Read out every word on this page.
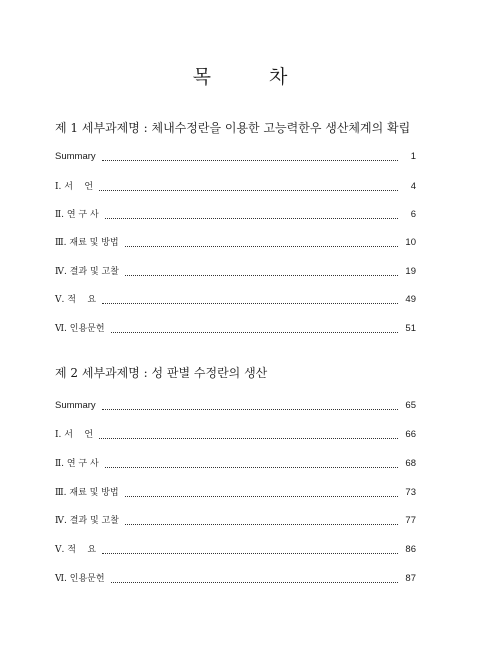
목	차
제 1 세부과제명 : 체내수정란을 이용한 고능력한우 생산체계의 확립
Summary	1
Ⅰ. 서    언	4
Ⅱ. 연 구 사	6
Ⅲ. 재료 및 방법	10
Ⅳ. 결과 및 고찰	19
Ⅴ. 적    요	49
Ⅵ. 인용문헌	51
제 2 세부과제명 : 성 판별 수정란의 생산
Summary	65
Ⅰ. 서    언	66
Ⅱ. 연 구 사	68
Ⅲ. 재료 및 방법	73
Ⅳ. 결과 및 고찰	77
Ⅴ. 적    요	86
Ⅵ. 인용문헌	87
